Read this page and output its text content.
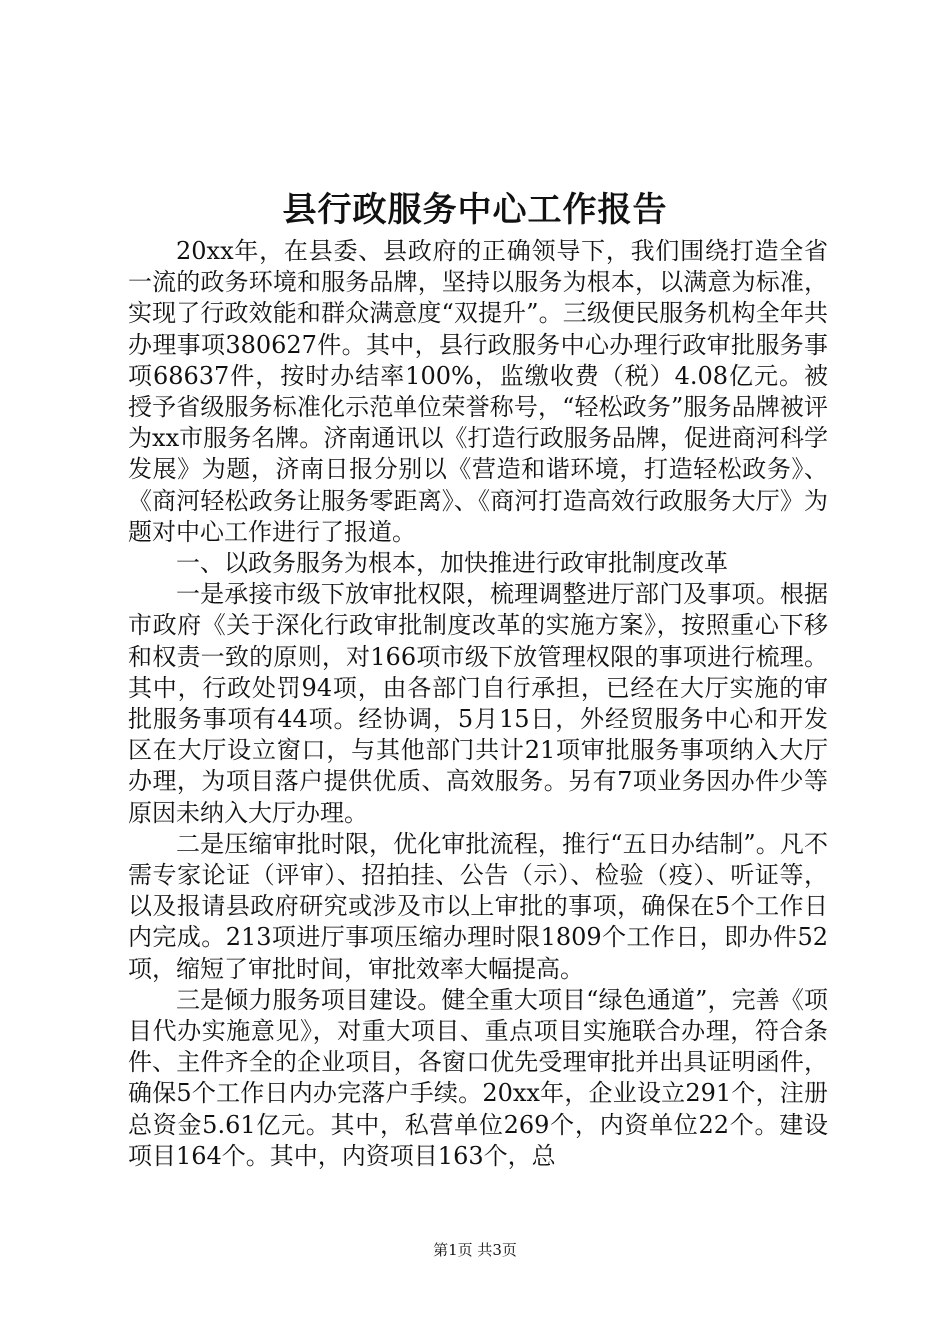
县行政服务中心工作报告

20xx年，在县委、县政府的正确领导下，我们围绕打造全省一流的政务环境和服务品牌，坚持以服务为根本，以满意为标准，实现了行政效能和群众满意度“双提升”。三级便民服务机构全年共办理事项380627件。其中，县行政服务中心办理行政审批服务事项68637件，按时办结率100%，监缴收费（税）4.08亿元。被授予省级服务标准化示范单位荣誉称号，“轻松政务”服务品牌被评为xx市服务名牌。济南通讯以《打造行政服务品牌，促进商河科学发展》为题，济南日报分别以《营造和谐环境，打造轻松政务》、《商河轻松政务让服务零距离》、《商河打造高效行政服务大厅》为题对中心工作进行了报道。

一、以政务服务为根本，加快推进行政审批制度改革

一是承接市级下放审批权限，梳理调整进厅部门及事项。根据市政府《关于深化行政审批制度改革的实施方案》，按照重心下移和权责一致的原则，对166项市级下放管理权限的事项进行梳理。其中，行政处罚94项，由各部门自行承担，已经在大厅实施的审批服务事项有44项。经协调，5月15日，外经贸服务中心和开发区在大厅设立窗口，与其他部门共计21项审批服务事项纳入大厅办理，为项目落户提供优质、高效服务。另有7项业务因办件少等原因未纳入大厅办理。

二是压缩审批时限，优化审批流程，推行“五日办结制”。凡不需专家论证（评审）、招拍挂、公告（示）、检验（疫）、听证等，以及报请县政府研究或涉及市以上审批的事项，确保在5个工作日内完成。213项进厅事项压缩办理时限1809个工作日，即办件52项，缩短了审批时间，审批效率大幅提高。

三是倾力服务项目建设。健全重大项目“绿色通道”，完善《项目代办实施意见》，对重大项目、重点项目实施联合办理，符合条件、主件齐全的企业项目，各窗口优先受理审批并出具证明函件，确保5个工作日内办完落户手续。20xx年，企业设立291个，注册总资金5.61亿元。其中，私营单位269个，内资单位22个。建设项目164个。其中，内资项目163个，总

第1页 共3页
